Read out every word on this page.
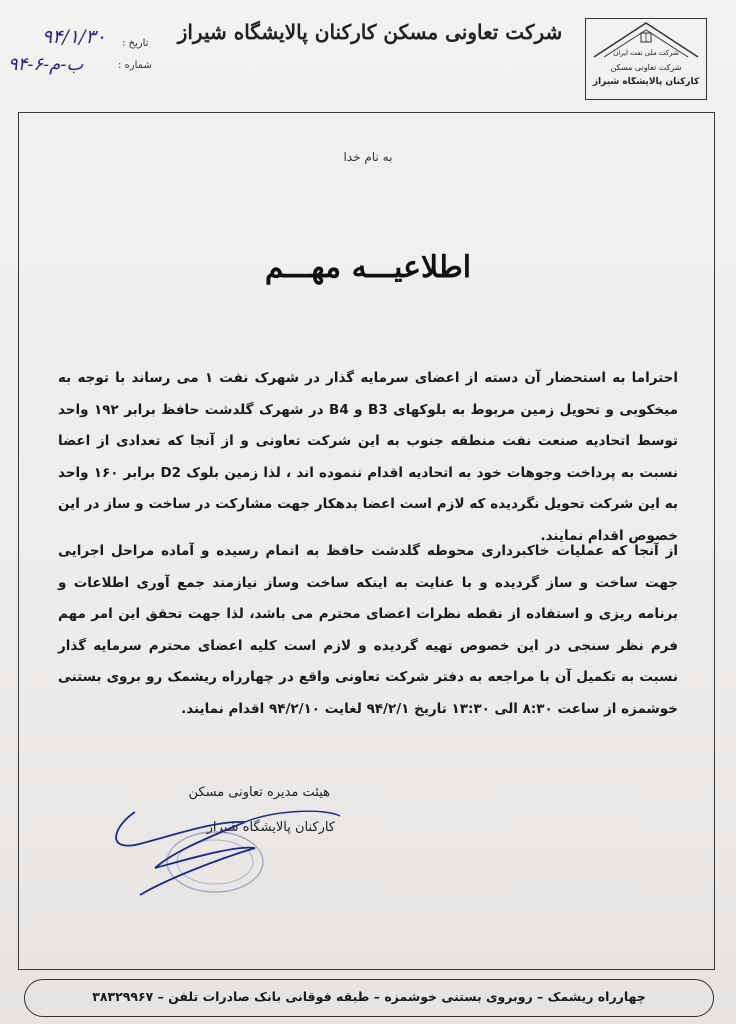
شرکت ملی نفت ایران
شرکت تعاونی مسکن
کارکنان پالایشگاه شیراز
شرکت تعاونی مسکن کارکنان پالایشگاه شیراز
تاریخ :
شماره :
۹۴/۱/۳۰
۹۴-۶-ب-م
به نام خدا
اطلاعیـــه مهـــم
احتراما به استحضار آن دسته از اعضای سرمایه گذار در شهرک نفت ۱ می رساند با توجه به میخکوبی و تحویل زمین مربوط به بلوکهای B3 و B4 در شهرک گلدشت حافظ برابر ۱۹۲ واحد توسط اتحادیه صنعت نفت منطقه جنوب به این شرکت تعاونی و از آنجا که تعدادی از اعضا نسبت به پرداخت وجوهات خود به اتحادیه اقدام ننموده اند ، لذا زمین بلوک D2 برابر ۱۶۰ واحد به این شرکت تحویل نگردیده که لازم است اعضا بدهکار جهت مشارکت در ساخت و ساز در این خصوص اقدام نمایند.
از آنجا که عملیات خاکبرداری محوطه گلدشت حافظ به اتمام رسیده و آماده مراحل اجرایی جهت ساخت و ساز گردیده و با عنایت به اینکه ساخت وساز نیازمند جمع آوری اطلاعات و برنامه ریزی و استفاده از نقطه نظرات اعضای محترم می باشد، لذا جهت تحقق این امر مهم فرم نظر سنجی در این خصوص تهیه گردیده و لازم است کلیه اعضای محترم سرمایه گذار نسبت به تکمیل آن با مراجعه به دفتر شرکت تعاونی واقع در چهارراه ریشمک رو بروی بستنی خوشمزه از ساعت ۸:۳۰ الی ۱۳:۳۰ تاریخ ۹۴/۲/۱ لغایت ۹۴/۲/۱۰ اقدام نمایند.
هیئت مدیره تعاونی مسکن
کارکنان پالایشگاه شیراز
چهارراه ریشمک – روبروی بستنی خوشمزه – طبقه فوقانی بانک صادرات تلفن – ۳۸۳۲۹۹۶۷
